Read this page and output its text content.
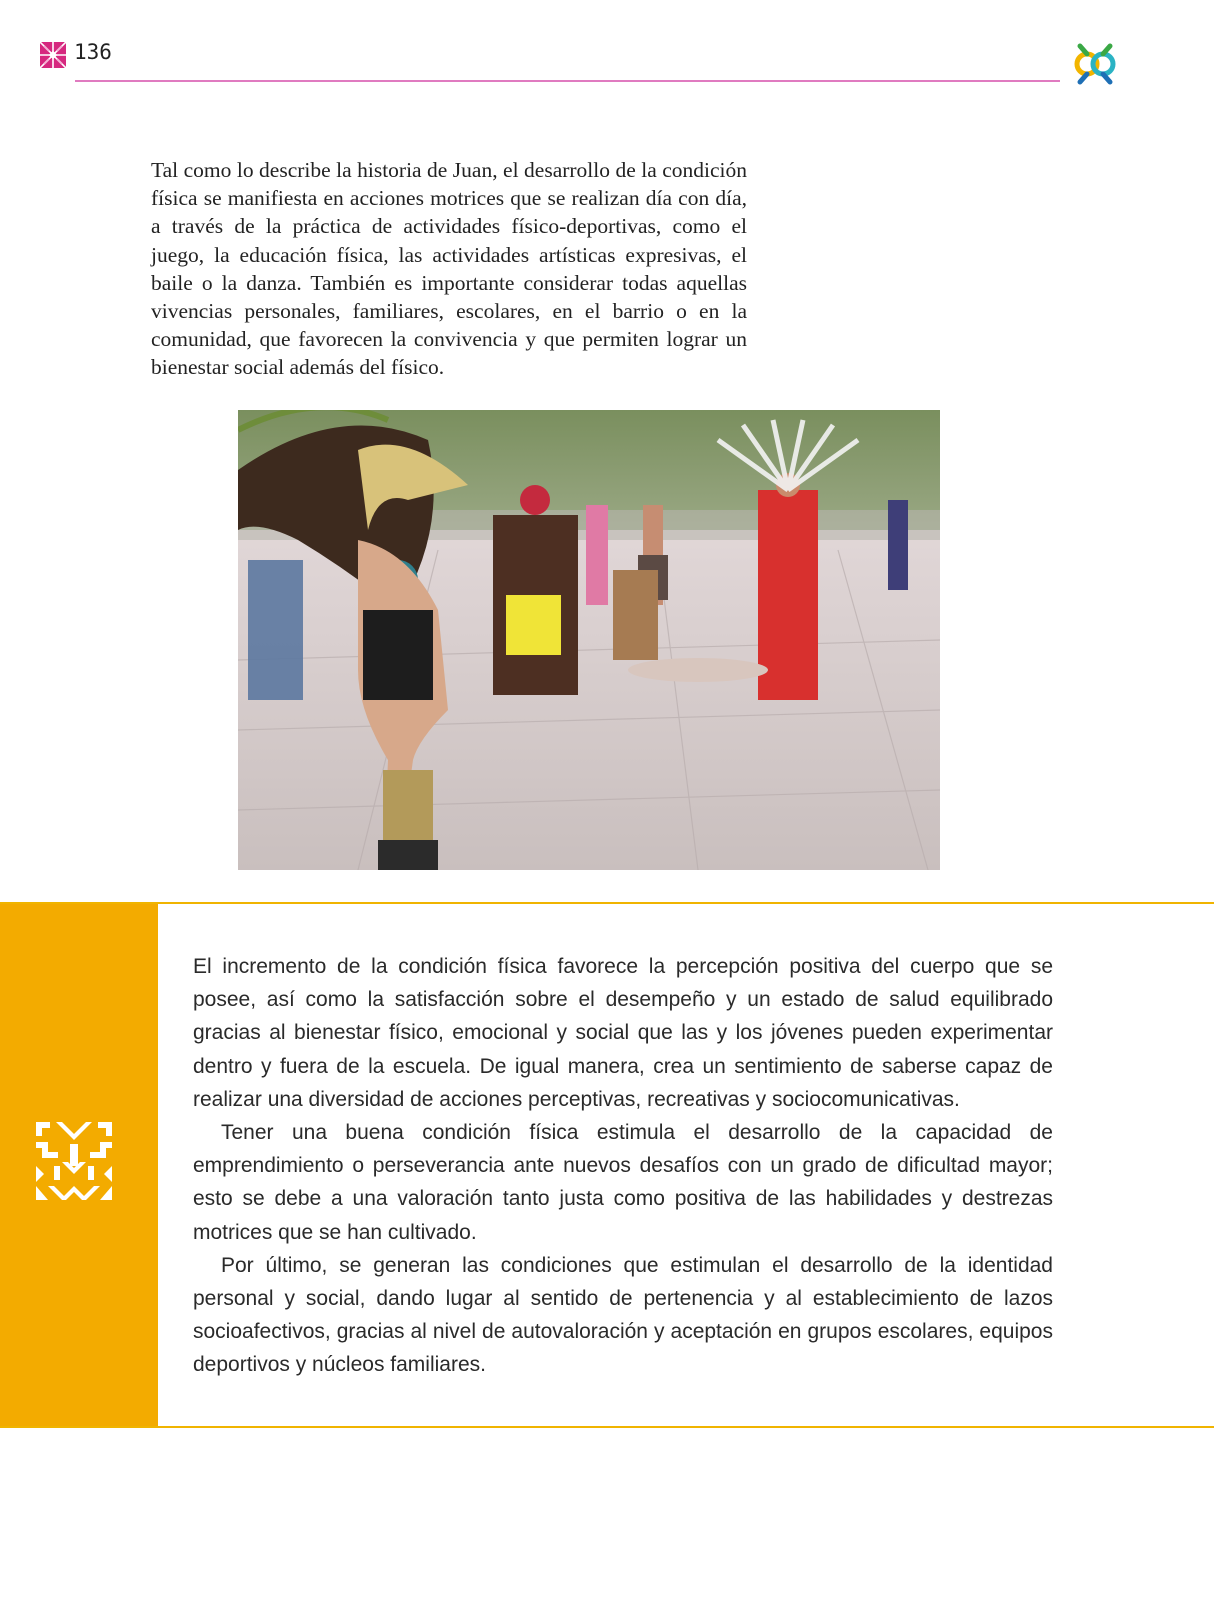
136

Tal como lo describe la historia de Juan, el desarrollo de la condición física se manifiesta en acciones motrices que se realizan día con día, a través de la práctica de actividades físico-deportivas, como el juego, la educación física, las actividades artísticas expresivas, el baile o la danza. También es importante considerar todas aquellas vivencias personales, familiares, escolares, en el barrio o en la comunidad, que favorecen la convivencia y que permiten lograr un bienestar social además del físico.

El incremento de la condición física favorece la percepción positiva del cuerpo que se posee, así como la satisfacción sobre el desempeño y un estado de salud equilibrado gracias al bienestar físico, emocional y social que las y los jóvenes pueden experimentar dentro y fuera de la escuela. De igual manera, crea un sentimiento de saberse capaz de realizar una diversidad de acciones perceptivas, recreativas y sociocomunicativas.

Tener una buena condición física estimula el desarrollo de la capacidad de emprendimiento o perseverancia ante nuevos desafíos con un grado de dificultad mayor; esto se debe a una valoración tanto justa como positiva de las habilidades y destrezas motrices que se han cultivado.

Por último, se generan las condiciones que estimulan el desarrollo de la identidad personal y social, dando lugar al sentido de pertenencia y al establecimiento de lazos socioafectivos, gracias al nivel de autovaloración y aceptación en grupos escolares, equipos deportivos y núcleos familiares.
